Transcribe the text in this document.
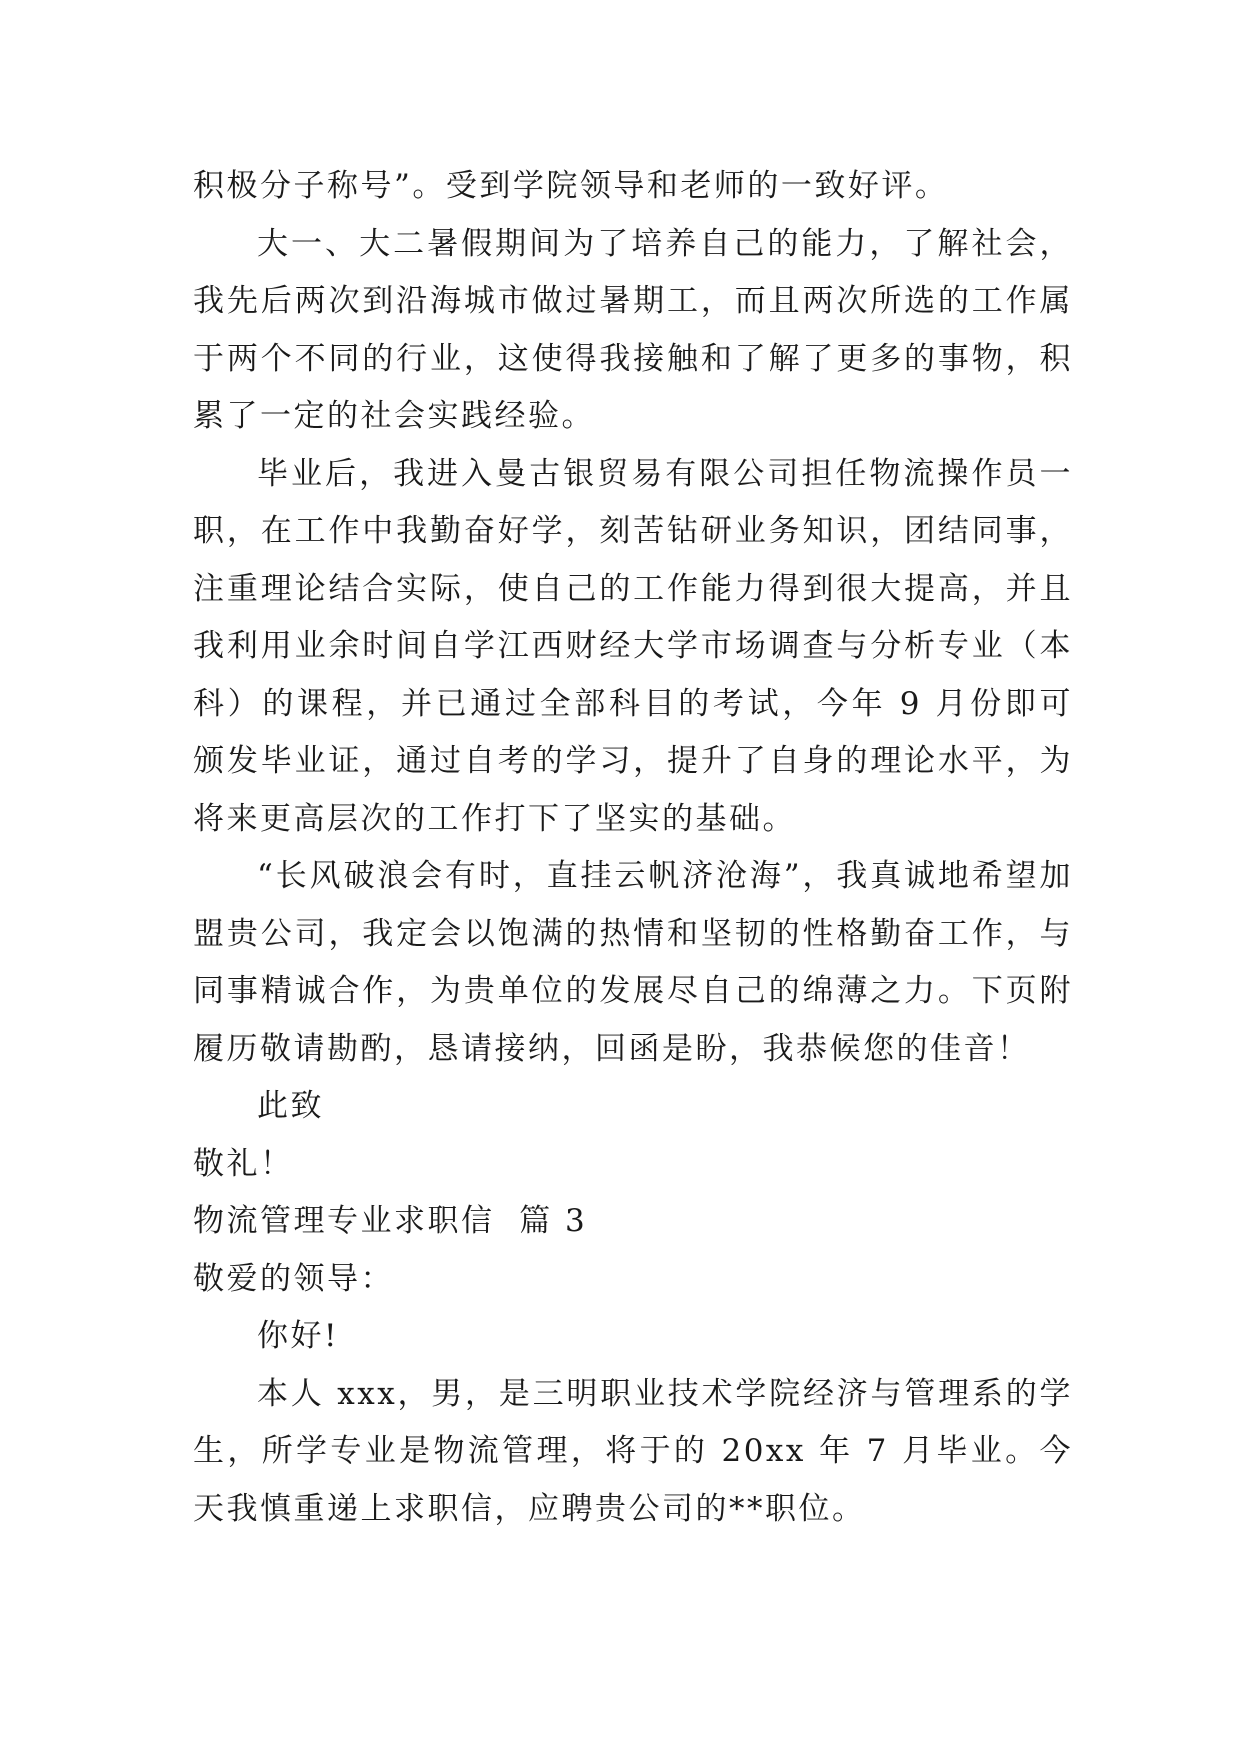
积极分子称号”。受到学院领导和老师的一致好评。

大一、大二暑假期间为了培养自己的能力，了解社会，我先后两次到沿海城市做过暑期工，而且两次所选的工作属于两个不同的行业，这使得我接触和了解了更多的事物，积累了一定的社会实践经验。

毕业后，我进入曼古银贸易有限公司担任物流操作员一职，在工作中我勤奋好学，刻苦钻研业务知识，团结同事，注重理论结合实际，使自己的工作能力得到很大提高，并且我利用业余时间自学江西财经大学市场调查与分析专业（本科）的课程，并已通过全部科目的考试，今年 9 月份即可颁发毕业证，通过自考的学习，提升了自身的理论水平，为将来更高层次的工作打下了坚实的基础。

“长风破浪会有时，直挂云帆济沧海”，我真诚地希望加盟贵公司，我定会以饱满的热情和坚韧的性格勤奋工作，与同事精诚合作，为贵单位的发展尽自己的绵薄之力。下页附履历敬请勘酌，恳请接纳，回函是盼，我恭候您的佳音！

此致

敬礼！

物流管理专业求职信  篇 3

敬爱的领导：

你好!

本人 xxx，男，是三明职业技术学院经济与管理系的学生，所学专业是物流管理，将于的 20xx 年 7 月毕业。今天我慎重递上求职信，应聘贵公司的**职位。
